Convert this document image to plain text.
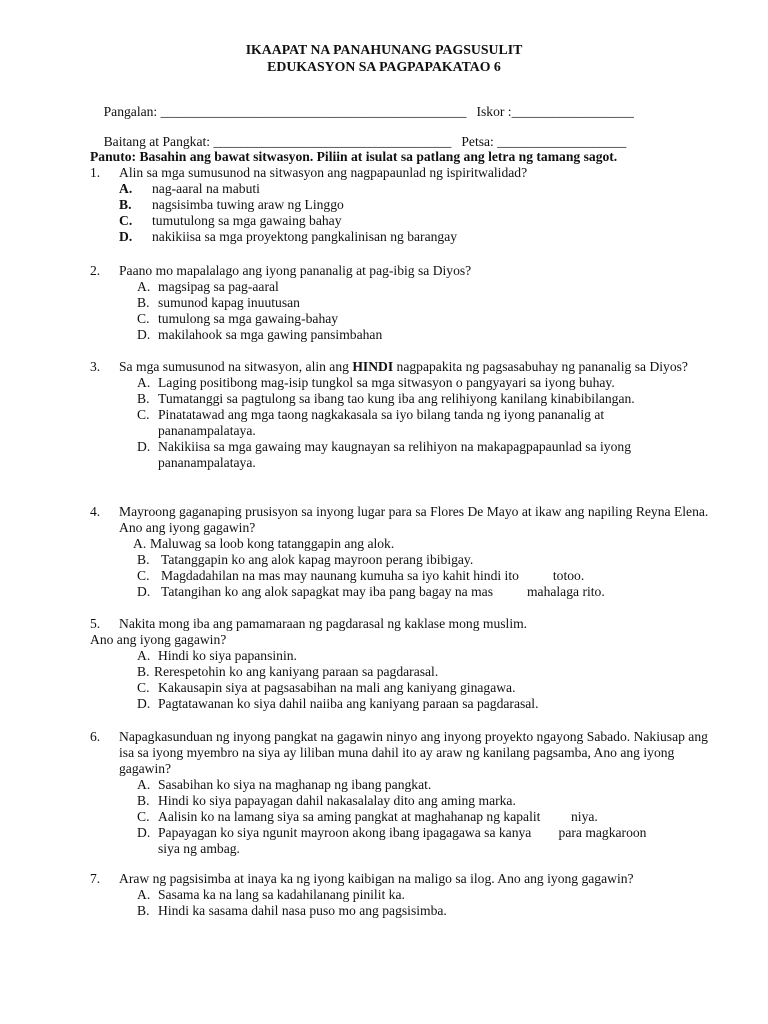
IKAAPAT NA PANAHUNANG PAGSUSULIT
EDUKASYON SA PAGPAPAKATAO 6

Pangalan: _____________________________________________ Iskor :__________________

Baitang at Pangkat: ___________________________________ Petsa: ___________________

Panuto: Basahin ang bawat sitwasyon. Piliin at isulat sa patlang ang letra ng tamang sagot.
1. Alin sa mga sumusunod na sitwasyon ang nagpapaunlad ng ispiritwalidad?
A.	nag-aaral na mabuti
B.	nagsisimba tuwing araw ng Linggo
C.	tumutulong sa mga gawaing bahay
D.	nakikiisa sa mga proyektong pangkalinisan ng barangay
2. Paano mo mapalalago ang iyong pananalig at pag-ibig sa Diyos?
A. magsipag sa pag-aaral
B. sumunod kapag inuutusan
C. tumulong sa mga gawaing-bahay
D. makilahook sa mga gawing pansimbahan
3. Sa mga sumusunod na sitwasyon, alin ang HINDI nagpapakita ng pagsasabuhay ng pananalig sa Diyos?
A. Laging positibong mag-isip tungkol sa mga sitwasyon o pangyayari sa iyong buhay.
B. Tumatanggi sa pagtulong sa ibang tao kung iba ang relihiyong kanilang kinabibilangan.
C. Pinatatawad ang mga taong nagkakasala sa iyo bilang tanda ng iyong pananalig at pananampalataya.
D. Nakikiisa sa mga gawaing may kaugnayan sa relihiyon na makapagpapaunlad sa iyong pananampalataya.
4. Mayroong gaganaping prusisyon sa inyong lugar para sa Flores De Mayo at ikaw ang napiling Reyna Elena. Ano ang iyong gagawin?
A. Maluwag sa loob kong tatanggapin ang alok.
B. Tatanggapin ko ang alok kapag mayroon perang ibibigay.
C. Magdadahilan na mas may naunang kumuha sa iyo kahit hindi ito          totoo.
D. Tatangihan ko ang alok sapagkat may iba pang bagay na mas          mahalaga rito.
5. Nakita mong iba ang pamamaraan ng pagdarasal ng kaklase mong muslim.
Ano ang iyong gagawin?
A. Hindi ko siya papansinin.
B. Rerespetohin ko ang kaniyang paraan sa pagdarasal.
C. Kakausapin siya at pagsasabihan na mali ang kaniyang ginagawa.
D. Pagtatawanan ko siya dahil naiiba ang kaniyang paraan sa pagdarasal.
6. Napagkasunduan ng inyong pangkat na gagawin ninyo ang inyong proyekto ngayong Sabado. Nakiusap ang isa sa iyong myembro na siya ay liliban muna dahil ito ay araw ng kanilang pagsamba, Ano ang iyong gagawin?
A. Sasabihan ko siya na maghanap ng ibang pangkat.
B. Hindi ko siya papayagan dahil nakasalalay dito ang aming marka.
C. Aalisin ko na lamang siya sa aming pangkat at maghahanap ng kapalit         niya.
D. Papayagan ko siya ngunit mayroon akong ibang ipagagawa sa kanya        para magkaroon siya ng ambag.
7. Araw ng pagsisimba at inaya ka ng iyong kaibigan na maligo sa ilog. Ano ang iyong gagawin?
A. Sasama ka na lang sa kadahilanang pinilit ka.
B. Hindi ka sasama dahil nasa puso mo ang pagsisimba.
